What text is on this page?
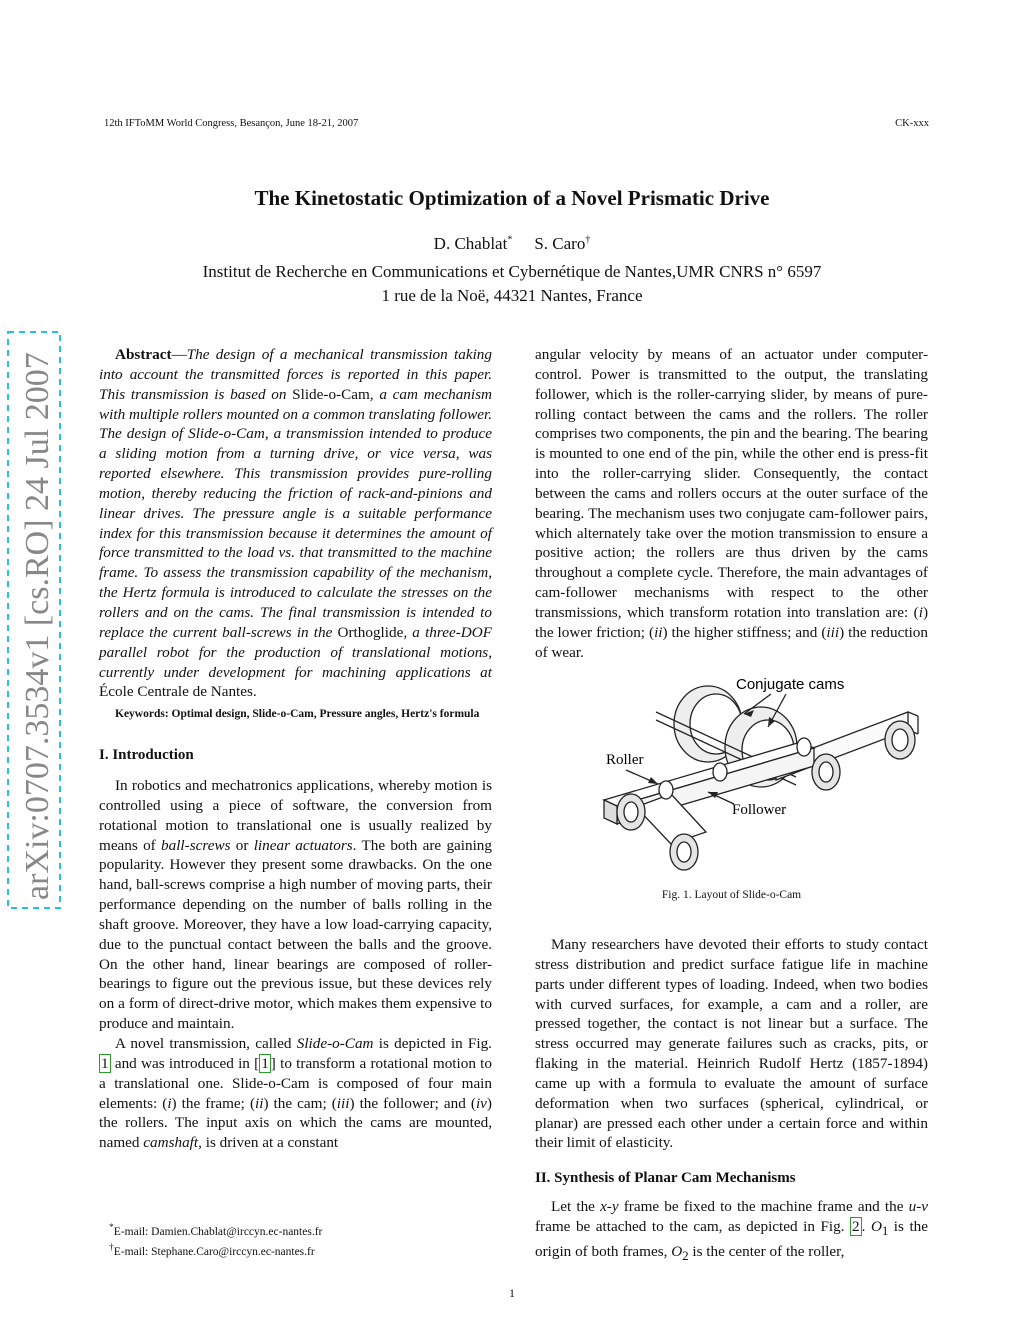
12th IFToMM World Congress, Besançon, June 18-21, 2007	CK-xxx
arXiv:0707.3534v1 [cs.RO] 24 Jul 2007
The Kinetostatic Optimization of a Novel Prismatic Drive
D. Chablat* S. Caro†
Institut de Recherche en Communications et Cybernétique de Nantes,UMR CNRS n° 6597
1 rue de la Noë, 44321 Nantes, France

Abstract—The design of a mechanical transmission taking into account the transmitted forces is reported in this paper. This transmission is based on Slide-o-Cam, a cam mechanism with multiple rollers mounted on a common translating follower. The design of Slide-o-Cam, a transmission intended to produce a sliding motion from a turning drive, or vice versa, was reported elsewhere. This transmission provides pure-rolling motion, thereby reducing the friction of rack-and-pinions and linear drives. The pressure angle is a suitable performance index for this transmission because it determines the amount of force transmitted to the load vs. that transmitted to the machine frame. To assess the transmission capability of the mechanism, the Hertz formula is introduced to calculate the stresses on the rollers and on the cams. The final transmission is intended to replace the current ball-screws in the Orthoglide, a three-DOF parallel robot for the production of translational motions, currently under development for machining applications at École Centrale de Nantes.

Keywords: Optimal design, Slide-o-Cam, Pressure angles, Hertz's formula

I. Introduction

In robotics and mechatronics applications, whereby motion is controlled using a piece of software, the conversion from rotational motion to translational one is usually realized by means of ball-screws or linear actuators. The both are gaining popularity. However they present some drawbacks. On the one hand, ball-screws comprise a high number of moving parts, their performance depending on the number of balls rolling in the shaft groove. Moreover, they have a low load-carrying capacity, due to the punctual contact between the balls and the groove. On the other hand, linear bearings are composed of roller-bearings to figure out the previous issue, but these devices rely on a form of direct-drive motor, which makes them expensive to produce and maintain.

A novel transmission, called Slide-o-Cam is depicted in Fig. 1 and was introduced in [ 1 ] to transform a rotational motion to a translational one. Slide-o-Cam is composed of four main elements: (i) the frame; (ii) the cam; (iii) the follower; and (iv) the rollers. The input axis on which the cams are mounted, named camshaft, is driven at a constant

*E-mail: Damien.Chablat@irccyn.ec-nantes.fr
†E-mail: Stephane.Caro@irccyn.ec-nantes.fr

angular velocity by means of an actuator under computer-control. Power is transmitted to the output, the translating follower, which is the roller-carrying slider, by means of pure-rolling contact between the cams and the rollers. The roller comprises two components, the pin and the bearing. The bearing is mounted to one end of the pin, while the other end is press-fit into the roller-carrying slider. Consequently, the contact between the cams and rollers occurs at the outer surface of the bearing. The mechanism uses two conjugate cam-follower pairs, which alternately take over the motion transmission to ensure a positive action; the rollers are thus driven by the cams throughout a complete cycle. Therefore, the main advantages of cam-follower mechanisms with respect to the other transmissions, which transform rotation into translation are: (i) the lower friction; (ii) the higher stiffness; and (iii) the reduction of wear.

Conjugate cams
Roller
Follower
Fig. 1. Layout of Slide-o-Cam

Many researchers have devoted their efforts to study contact stress distribution and predict surface fatigue life in machine parts under different types of loading. Indeed, when two bodies with curved surfaces, for example, a cam and a roller, are pressed together, the contact is not linear but a surface. The stress occurred may generate failures such as cracks, pits, or flaking in the material. Heinrich Rudolf Hertz (1857-1894) came up with a formula to evaluate the amount of surface deformation when two surfaces (spherical, cylindrical, or planar) are pressed each other under a certain force and within their limit of elasticity.

II. Synthesis of Planar Cam Mechanisms

Let the x-y frame be fixed to the machine frame and the u-v frame be attached to the cam, as depicted in Fig. 2 . $O_1$ is the origin of both frames, $O_2$ is the center of the roller,

1
